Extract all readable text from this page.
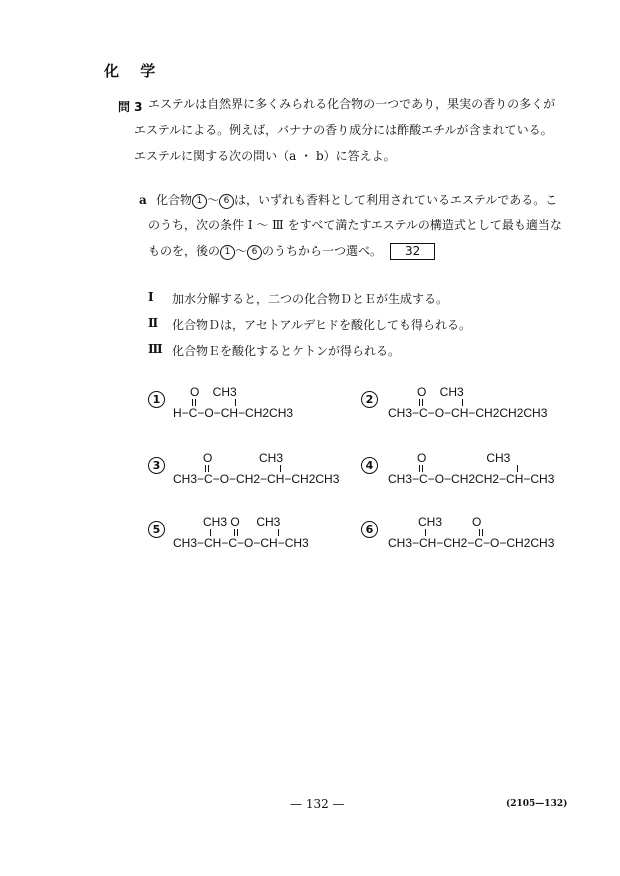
化 学
問 3 エステルは自然界に多くみられる化合物の一つであり，果実の香りの多くが
エステルによる。例えば，バナナの香り成分には酢酸エチルが含まれている。
エステルに関する次の問い（a ・ b）に答えよ。
a 化合物 1 ～ 6 は，いずれも香料として利用されているエステルである。こ
のうち，次の条件 Ⅰ ～ Ⅲ をすべて満たすエステルの構造式として最も適当な
ものを，後の 1 ～ 6 のうちから一つ選べ。 32
Ⅰ 加水分解すると，二つの化合物ＤとＥが生成する。
Ⅱ 化合物Ｄは，アセトアルデヒドを酸化しても得られる。
Ⅲ 化合物Ｅを酸化するとケトンが得られる。
1
O    CH3
H−C−O−CH−CH2CH3
2
O    CH3
CH3−C−O−CH−CH2CH2CH3
3
O              CH3
CH3−C−O−CH2−CH−CH2CH3
4
O                  CH3
CH3−C−O−CH2CH2−CH−CH3
5
CH3 O     CH3
CH3−CH−C−O−CH−CH3
6
CH3         O
CH3−CH−CH2−C−O−CH2CH3
— 132 —	(2105—132)
